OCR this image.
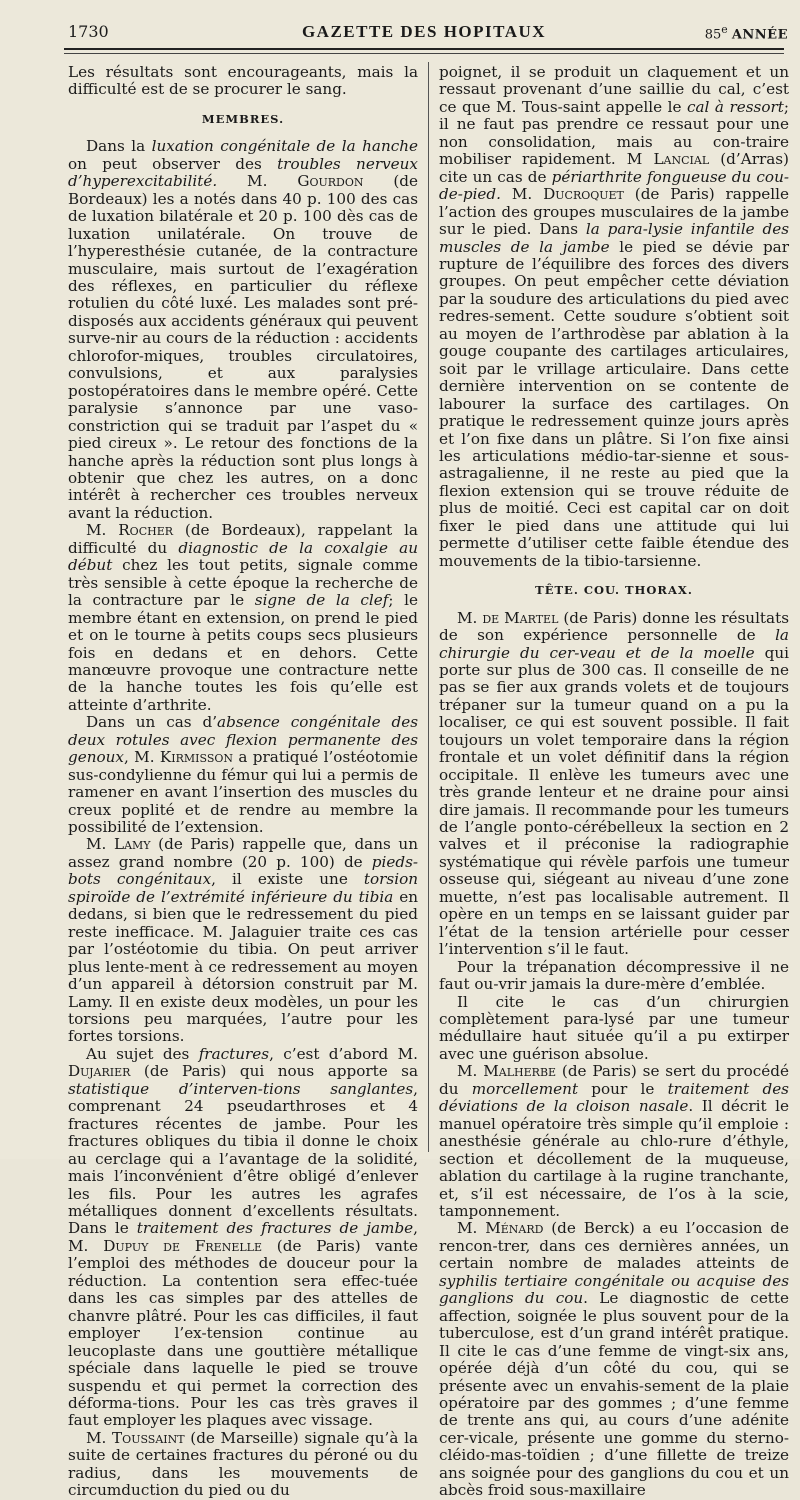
1730	GAZETTE DES HOPITAUX	85e ANNÉE

Les résultats sont encourageants, mais la difficulté est de se procurer le sang.

MEMBRES.

Dans la luxation congénitale de la hanche on peut observer des troubles nerveux d’hyperexcitabilité. M. Gourdon (de Bordeaux) les a notés dans 40 p. 100 des cas de luxation bilatérale et 20 p. 100 dès cas de luxation unilatérale. On trouve de l’hyperesthésie cutanée, de la contracture musculaire, mais surtout de l’exagération des réflexes, en particulier du réflexe rotulien du côté luxé. Les malades sont pré-disposés aux accidents généraux qui peuvent surve-nir au cours de la réduction : accidents chlorofor-miques, troubles circulatoires, convulsions, et aux paralysies postopératoires dans le membre opéré. Cette paralysie s’annonce par une vaso-constriction qui se traduit par l’aspet du « pied cireux ». Le retour des fonctions de la hanche après la réduction sont plus longs à obtenir que chez les autres, on a donc intérêt à rechercher ces troubles nerveux avant la réduction.

M. Rocher (de Bordeaux), rappelant la difficulté du diagnostic de la coxalgie au début chez les tout petits, signale comme très sensible à cette époque la recherche de la contracture par le signe de la clef; le membre étant en extension, on prend le pied et on le tourne à petits coups secs plusieurs fois en dedans et en dehors. Cette manœuvre provoque une contracture nette de la hanche toutes les fois qu’elle est atteinte d’arthrite.

Dans un cas d’absence congénitale des deux rotules avec flexion permanente des genoux, M. Kirmisson a pratiqué l’ostéotomie sus-condylienne du fémur qui lui a permis de ramener en avant l’insertion des muscles du creux poplité et de rendre au membre la possibilité de l’extension.

M. Lamy (de Paris) rappelle que, dans un assez grand nombre (20 p. 100) de pieds-bots congénitaux, il existe une torsion spiroïde de l’extrémité inférieure du tibia en dedans, si bien que le redressement du pied reste inefficace. M. Jalaguier traite ces cas par l’ostéotomie du tibia. On peut arriver plus lente-ment à ce redressement au moyen d’un appareil à détorsion construit par M. Lamy. Il en existe deux modèles, un pour les torsions peu marquées, l’autre pour les fortes torsions.

Au sujet des fractures, c’est d’abord M. Dujarier (de Paris) qui nous apporte sa statistique d’interven-tions sanglantes, comprenant 24 pseudarthroses et 4 fractures récentes de jambe. Pour les fractures obliques du tibia il donne le choix au cerclage qui a l’avantage de la solidité, mais l’inconvénient d’être obligé d’enlever les fils. Pour les autres les agrafes métalliques donnent d’excellents résultats. Dans le traitement des fractures de jambe, M. Dupuy de Frenelle (de Paris) vante l’emploi des méthodes de douceur pour la réduction. La contention sera effec-tuée dans les cas simples par des attelles de chanvre plâtré. Pour les cas difficiles, il faut employer l’ex-tension continue au leucoplaste dans une gouttière métallique spéciale dans laquelle le pied se trouve suspendu et qui permet la correction des déforma-tions. Pour les cas très graves il faut employer les plaques avec vissage.

M. Toussaint (de Marseille) signale qu’à la suite de certaines fractures du péroné ou du radius, dans les mouvements de circumduction du pied ou du

poignet, il se produit un claquement et un ressaut provenant d’une saillie du cal, c’est ce que M. Tous-saint appelle le cal à ressort; il ne faut pas prendre ce ressaut pour une non consolidation, mais au con-traire mobiliser rapidement. M Lancial (d’Arras) cite un cas de périarthrite fongueuse du cou-de-pied. M. Ducroquet (de Paris) rappelle l’action des groupes musculaires de la jambe sur le pied. Dans la para-lysie infantile des muscles de la jambe le pied se dévie par rupture de l’équilibre des forces des divers groupes. On peut empêcher cette déviation par la soudure des articulations du pied avec redres-sement. Cette soudure s’obtient soit au moyen de l’arthrodèse par ablation à la gouge coupante des cartilages articulaires, soit par le vrillage articulaire. Dans cette dernière intervention on se contente de labourer la surface des cartilages. On pratique le redressement quinze jours après et l’on fixe dans un plâtre. Si l’on fixe ainsi les articulations médio-tar-sienne et sous-astragalienne, il ne reste au pied que la flexion extension qui se trouve réduite de plus de moitié. Ceci est capital car on doit fixer le pied dans une attitude qui lui permette d’utiliser cette faible étendue des mouvements de la tibio-tarsienne.

TÊTE. COU. THORAX.

M. de Martel (de Paris) donne les résultats de son expérience personnelle de la chirurgie du cer-veau et de la moelle qui porte sur plus de 300 cas. Il conseille de ne pas se fier aux grands volets et de toujours trépaner sur la tumeur quand on a pu la localiser, ce qui est souvent possible. Il fait toujours un volet temporaire dans la région frontale et un volet définitif dans la région occipitale. Il enlève les tumeurs avec une très grande lenteur et ne draine pour ainsi dire jamais. Il recommande pour les tumeurs de l’angle ponto-cérébelleux la section en 2 valves et il préconise la radiographie systématique qui révèle parfois une tumeur osseuse qui, siégeant au niveau d’une zone muette, n’est pas localisable autrement. Il opère en un temps en se laissant guider par l’état de la tension artérielle pour cesser l’intervention s’il le faut.

Pour la trépanation décompressive il ne faut ou-vrir jamais la dure-mère d’emblée.

Il cite le cas d’un chirurgien complètement para-lysé par une tumeur médullaire haut située qu’il a pu extirper avec une guérison absolue.

M. Malherbe (de Paris) se sert du procédé du morcellement pour le traitement des déviations de la cloison nasale. Il décrit le manuel opératoire très simple qu’il emploie : anesthésie générale au chlo-rure d’éthyle, section et décollement de la muqueuse, ablation du cartilage à la rugine tranchante, et, s’il est nécessaire, de l’os à la scie, tamponnement.

M. Ménard (de Berck) a eu l’occasion de rencon-trer, dans ces dernières années, un certain nombre de malades atteints de syphilis tertiaire congénitale ou acquise des ganglions du cou. Le diagnostic de cette affection, soignée le plus souvent pour de la tuberculose, est d’un grand intérêt pratique. Il cite le cas d’une femme de vingt-six ans, opérée déjà d’un côté du cou, qui se présente avec un envahis-sement de la plaie opératoire par des gommes ; d’une femme de trente ans qui, au cours d’une adénite cer-vicale, présente une gomme du sterno-cléido-mas-toïdien ; d’une fillette de treize ans soignée pour des ganglions du cou et un abcès froid sous-maxillaire
